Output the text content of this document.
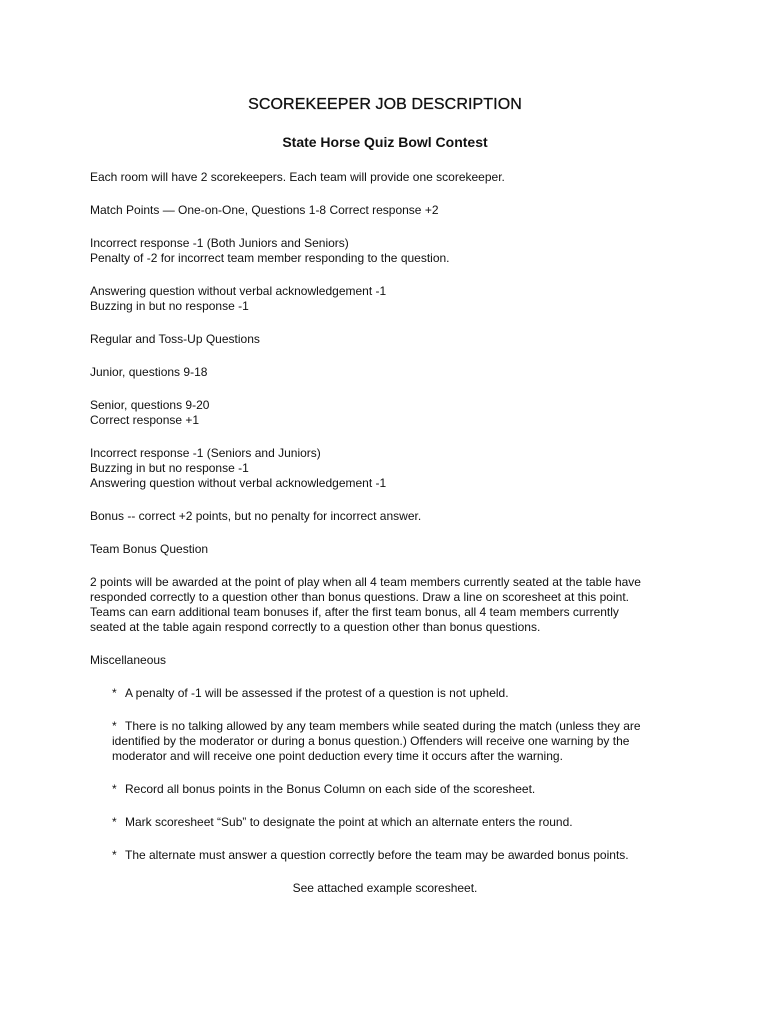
SCOREKEEPER JOB DESCRIPTION
State Horse Quiz Bowl Contest

Each room will have 2 scorekeepers. Each team will provide one scorekeeper.

Match Points — One-on-One, Questions 1-8 Correct response +2

Incorrect response -1 (Both Juniors and Seniors)
Penalty of -2 for incorrect team member responding to the question.

Answering question without verbal acknowledgement -1
Buzzing in but no response -1

Regular and Toss-Up Questions

Junior, questions 9-18

Senior, questions 9-20
Correct response +1

Incorrect response -1 (Seniors and Juniors)
Buzzing in but no response -1
Answering question without verbal acknowledgement -1

Bonus -- correct +2 points, but no penalty for incorrect answer.

Team Bonus Question

2 points will be awarded at the point of play when all 4 team members currently seated at the table have
responded correctly to a question other than bonus questions. Draw a line on scoresheet at this point.
Teams can earn additional team bonuses if, after the first team bonus, all 4 team members currently
seated at the table again respond correctly to a question other than bonus questions.

Miscellaneous

* A penalty of -1 will be assessed if the protest of a question is not upheld.
* There is no talking allowed by any team members while seated during the match (unless they are
identified by the moderator or during a bonus question.) Offenders will receive one warning by the
moderator and will receive one point deduction every time it occurs after the warning.
* Record all bonus points in the Bonus Column on each side of the scoresheet.
* Mark scoresheet “Sub” to designate the point at which an alternate enters the round.
* The alternate must answer a question correctly before the team may be awarded bonus points.

See attached example scoresheet.
